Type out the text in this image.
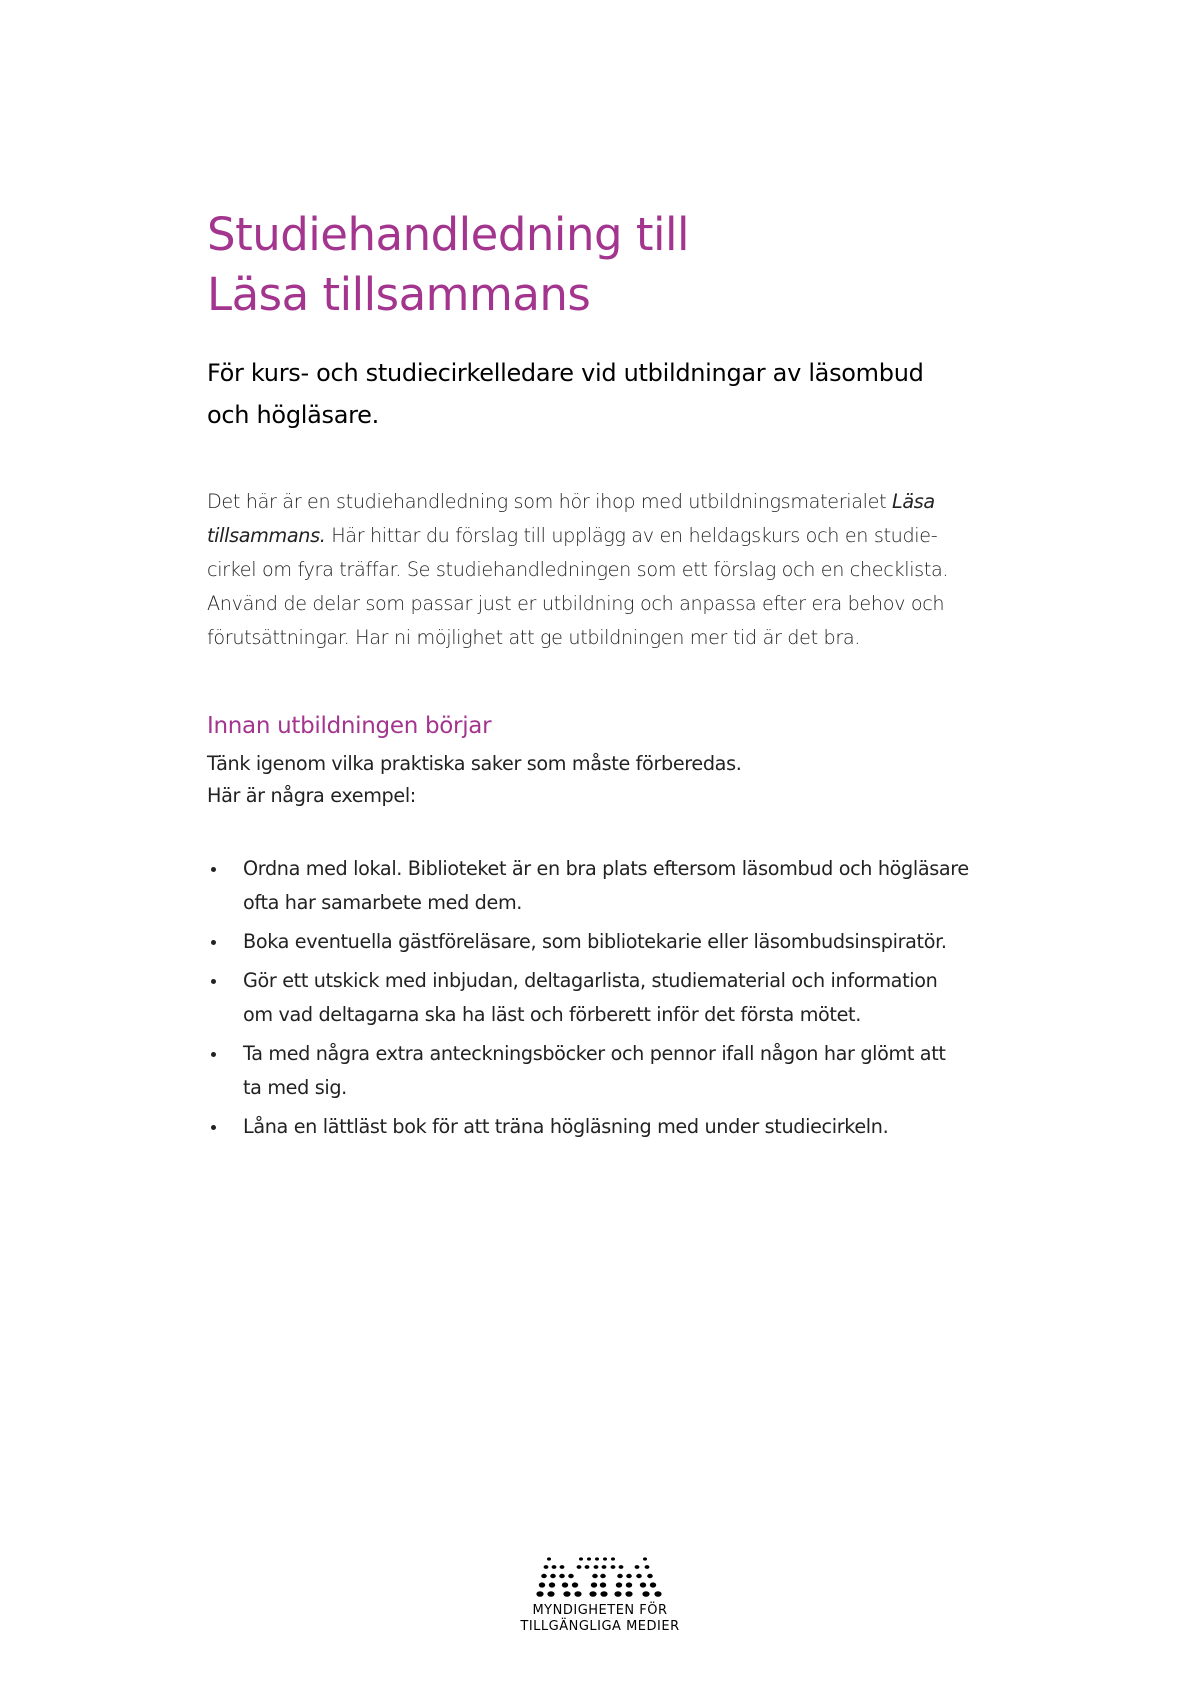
Studiehandledning till
Läsa tillsammans
För kurs- och studiecirkelledare vid utbildningar av läsombud
och högläsare.

Det här är en studiehandledning som hör ihop med utbildningsmaterialet Läsa
tillsammans. Här hittar du förslag till upplägg av en heldagskurs och en studie-
cirkel om fyra träffar. Se studiehandledningen som ett förslag och en checklista.
Använd de delar som passar just er utbildning och anpassa efter era behov och
förutsättningar. Har ni möjlighet att ge utbildningen mer tid är det bra.

Innan utbildningen börjar

Tänk igenom vilka praktiska saker som måste förberedas.
Här är några exempel:

Ordna med lokal. Biblioteket är en bra plats eftersom läsombud och högläsare
ofta har samarbete med dem.
Boka eventuella gästföreläsare, som bibliotekarie eller läsombudsinspiratör.
Gör ett utskick med inbjudan, deltagarlista, studiematerial och information
om vad deltagarna ska ha läst och förberett inför det första mötet.
Ta med några extra anteckningsböcker och pennor ifall någon har glömt att
ta med sig.
Låna en lättläst bok för att träna högläsning med under studiecirkeln.
MYNDIGHETEN FÖR
TILLGÄNGLIGA MEDIER
